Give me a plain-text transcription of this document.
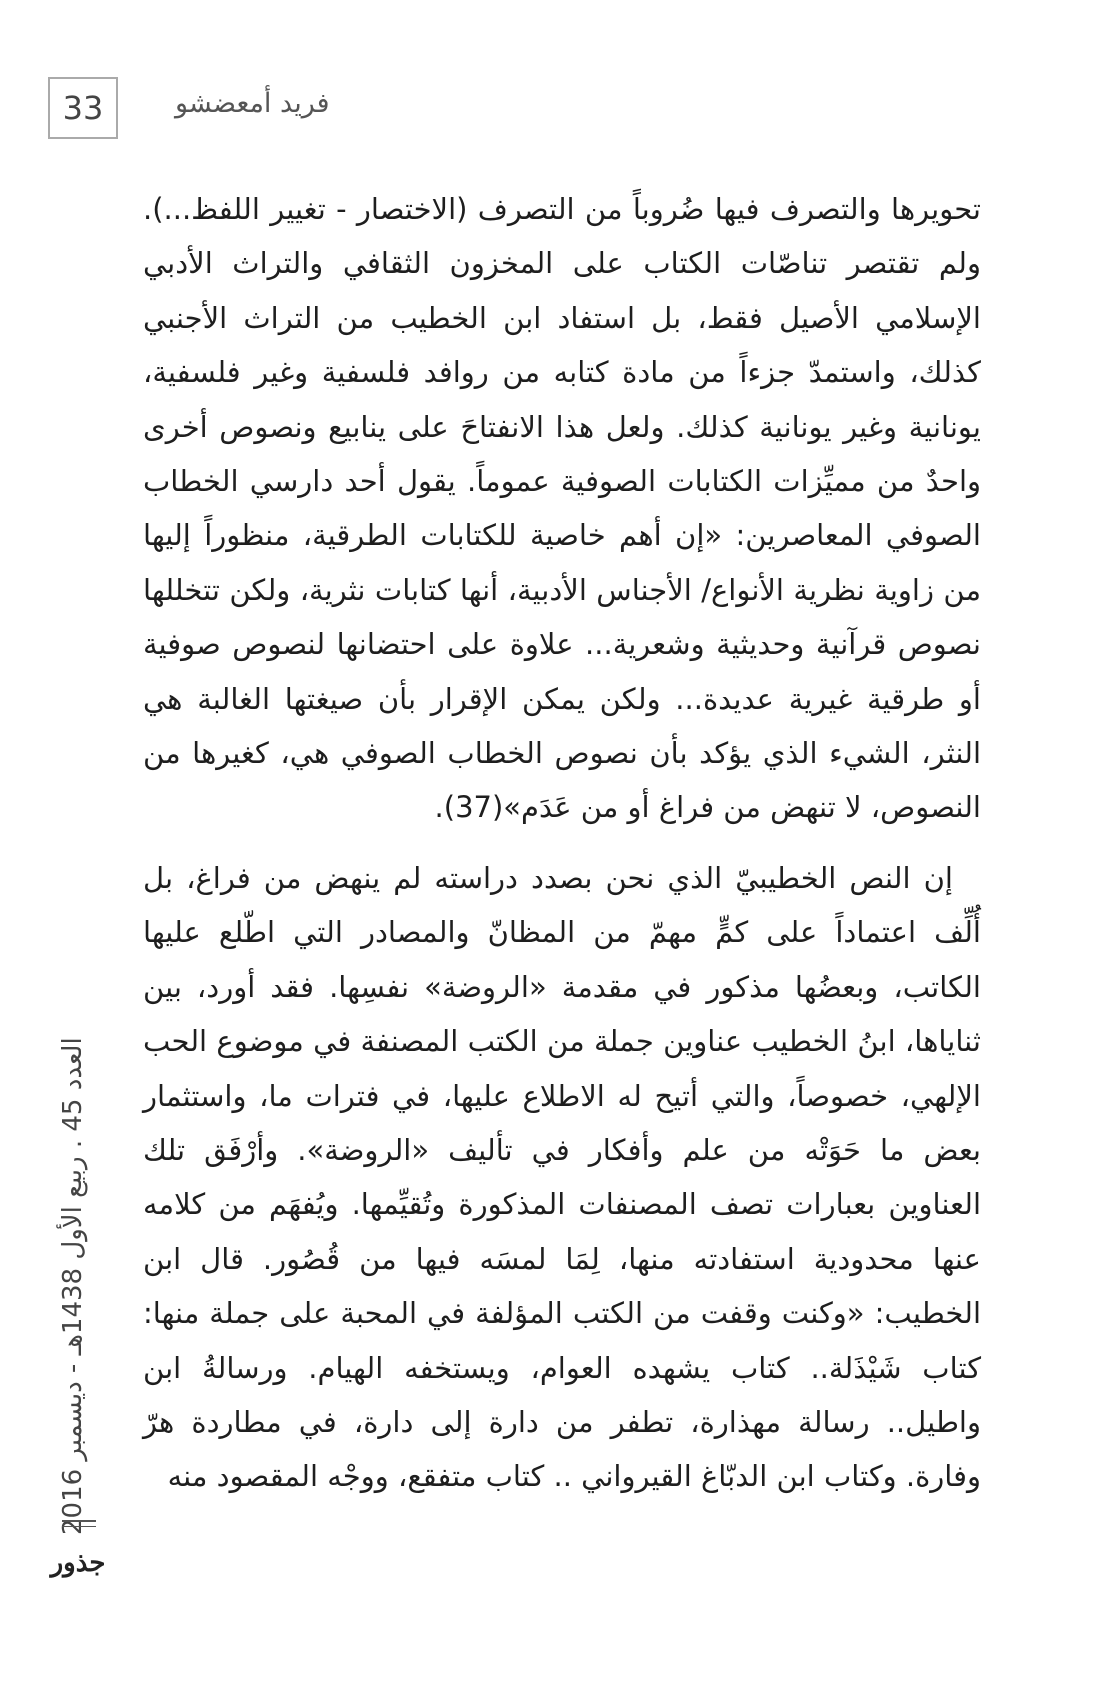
33	فريد أمعضشو
العدد 45 . ربيع الأول 1438هـ - ديسمبر 2016
جذور

تحويرها والتصرف فيها ضُروباً من التصرف (الاختصار - تغيير اللفظ...). ولم تقتصر تناصّات الكتاب على المخزون الثقافي والتراث الأدبي الإسلامي الأصيل فقط، بل استفاد ابن الخطيب من التراث الأجنبي كذلك، واستمدّ جزءاً من مادة كتابه من روافد فلسفية وغير فلسفية، يونانية وغير يونانية كذلك. ولعل هذا الانفتاحَ على ينابيع ونصوص أخرى واحدٌ من مميِّزات الكتابات الصوفية عموماً. يقول أحد دارسي الخطاب الصوفي المعاصرين: «إن أهم خاصية للكتابات الطرقية، منظوراً إليها من زاوية نظرية الأنواع/ الأجناس الأدبية، أنها كتابات نثرية، ولكن تتخللها نصوص قرآنية وحديثية وشعرية... علاوة على احتضانها لنصوص صوفية أو طرقية غيرية عديدة... ولكن يمكن الإقرار بأن صيغتها الغالبة هي النثر، الشيء الذي يؤكد بأن نصوص الخطاب الصوفي هي، كغيرها من النصوص، لا تنهض من فراغ أو من عَدَم»(37).

إن النص الخطيبيّ الذي نحن بصدد دراسته لم ينهض من فراغ، بل أُلِّف اعتماداً على كمٍّ مهمّ من المظانّ والمصادر التي اطّلع عليها الكاتب، وبعضُها مذكور في مقدمة «الروضة» نفسِها. فقد أورد، بين ثناياها، ابنُ الخطيب عناوين جملة من الكتب المصنفة في موضوع الحب الإلهي، خصوصاً، والتي أتيح له الاطلاع عليها، في فترات ما، واستثمار بعض ما حَوَتْه من علم وأفكار في تأليف «الروضة». وأرْفَق تلك العناوين بعبارات تصف المصنفات المذكورة وتُقيِّمها. ويُفهَم من كلامه عنها محدودية استفادته منها، لِمَا لمسَه فيها من قُصُور. قال ابن الخطيب: «وكنت وقفت من الكتب المؤلفة في المحبة على جملة منها: كتاب شَيْذَلة.. كتاب يشهده العوام، ويستخفه الهيام. ورسالةُ ابن واطيل.. رسالة مهذارة، تطفر من دارة إلى دارة، في مطاردة هرّ وفارة. وكتاب ابن الدبّاغ القيرواني .. كتاب متفقع، ووجْه المقصود منه
